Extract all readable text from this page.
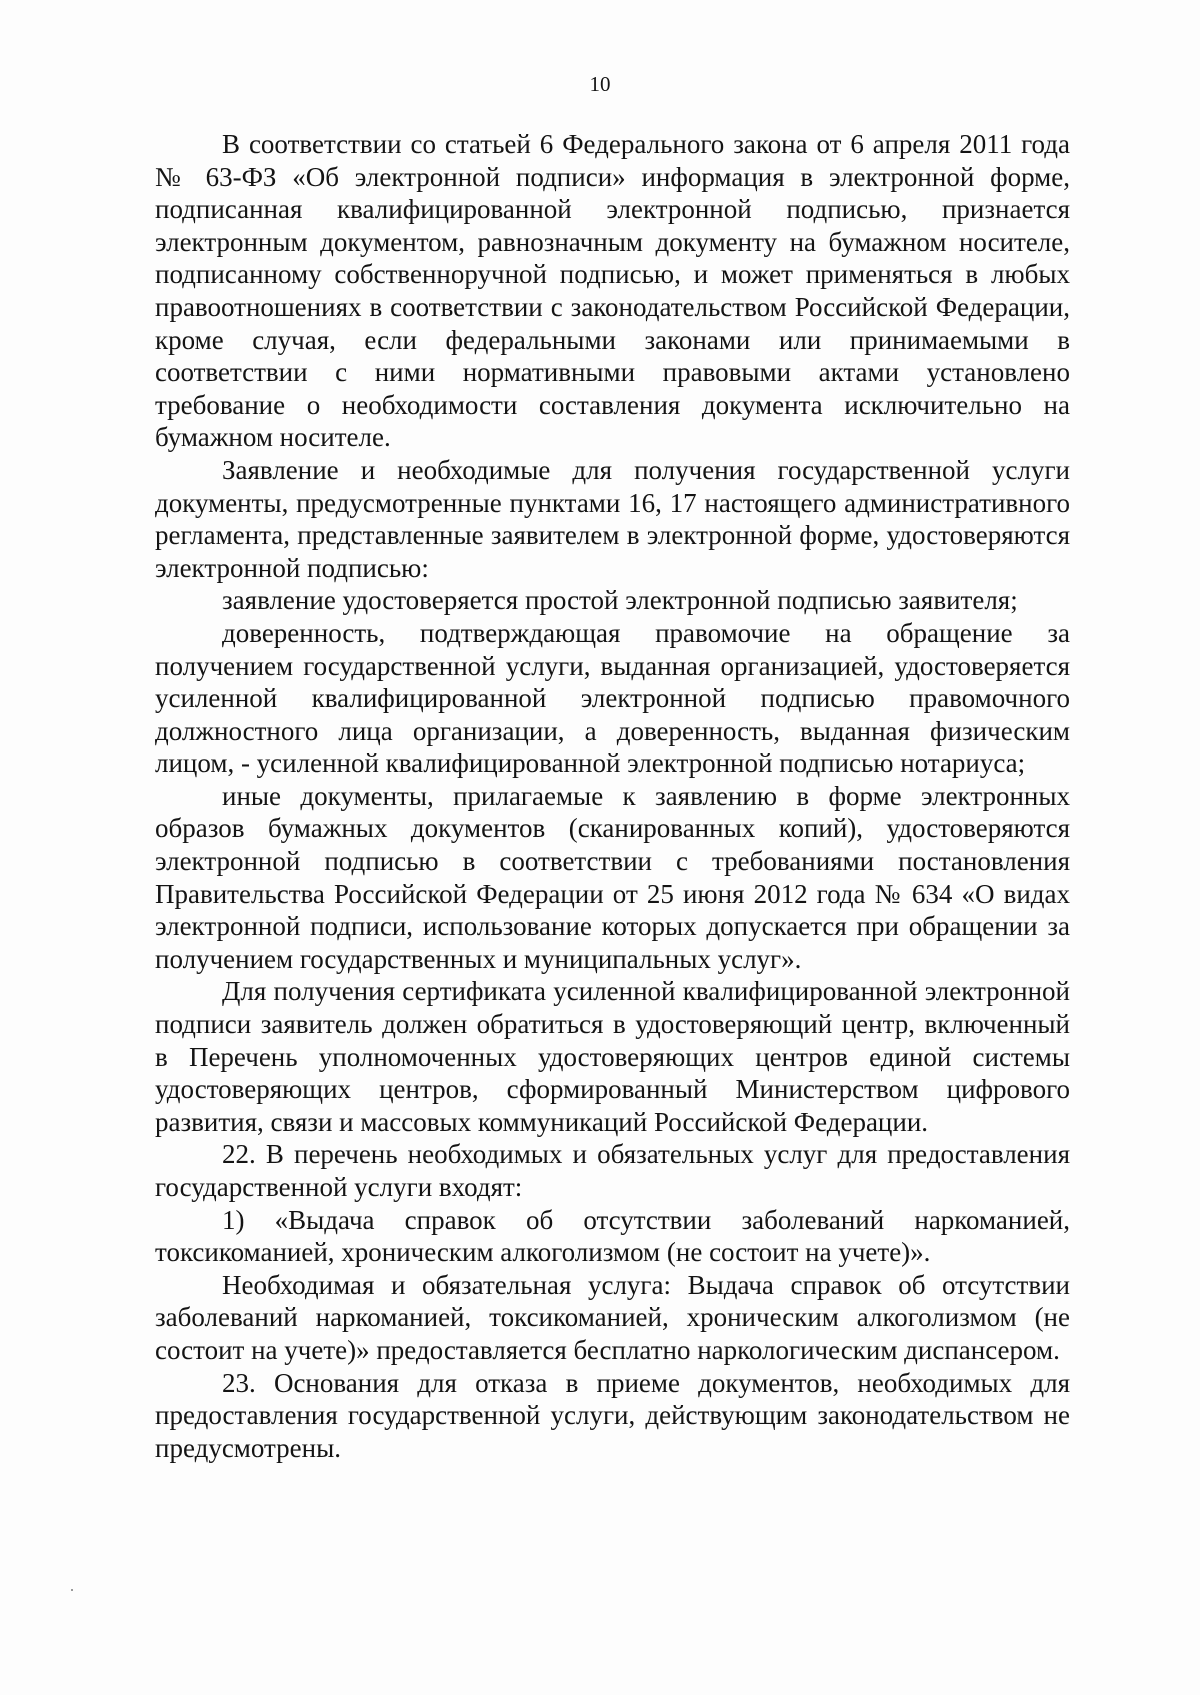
10

В соответствии со статьей 6 Федерального закона от 6 апреля 2011 года № 63-ФЗ «Об электронной подписи» информация в электронной форме, подписанная квалифицированной электронной подписью, признается электронным документом, равнозначным документу на бумажном носителе, подписанному собственноручной подписью, и может применяться в любых правоотношениях в соответствии с законодательством Российской Федерации, кроме случая, если федеральными законами или принимаемыми в соответствии с ними нормативными правовыми актами установлено требование о необходимости составления документа исключительно на бумажном носителе.

Заявление и необходимые для получения государственной услуги документы, предусмотренные пунктами 16, 17 настоящего административного регламента, представленные заявителем в электронной форме, удостоверяются электронной подписью:

заявление удостоверяется простой электронной подписью заявителя;

доверенность, подтверждающая правомочие на обращение за получением государственной услуги, выданная организацией, удостоверяется усиленной квалифицированной электронной подписью правомочного должностного лица организации, а доверенность, выданная физическим лицом, - усиленной квалифицированной электронной подписью нотариуса;

иные документы, прилагаемые к заявлению в форме электронных образов бумажных документов (сканированных копий), удостоверяются электронной подписью в соответствии с требованиями постановления Правительства Российской Федерации от 25 июня 2012 года № 634 «О видах электронной подписи, использование которых допускается при обращении за получением государственных и муниципальных услуг».

Для получения сертификата усиленной квалифицированной электронной подписи заявитель должен обратиться в удостоверяющий центр, включенный в Перечень уполномоченных удостоверяющих центров единой системы удостоверяющих центров, сформированный Министерством цифрового развития, связи и массовых коммуникаций Российской Федерации.

22. В перечень необходимых и обязательных услуг для предоставления государственной услуги входят:

1) «Выдача справок об отсутствии заболеваний наркоманией, токсикоманией, хроническим алкоголизмом (не состоит на учете)».

Необходимая и обязательная услуга: Выдача справок об отсутствии заболеваний наркоманией, токсикоманией, хроническим алкоголизмом (не состоит на учете)» предоставляется бесплатно наркологическим диспансером.

23. Основания для отказа в приеме документов, необходимых для предоставления государственной услуги, действующим законодательством не предусмотрены.
